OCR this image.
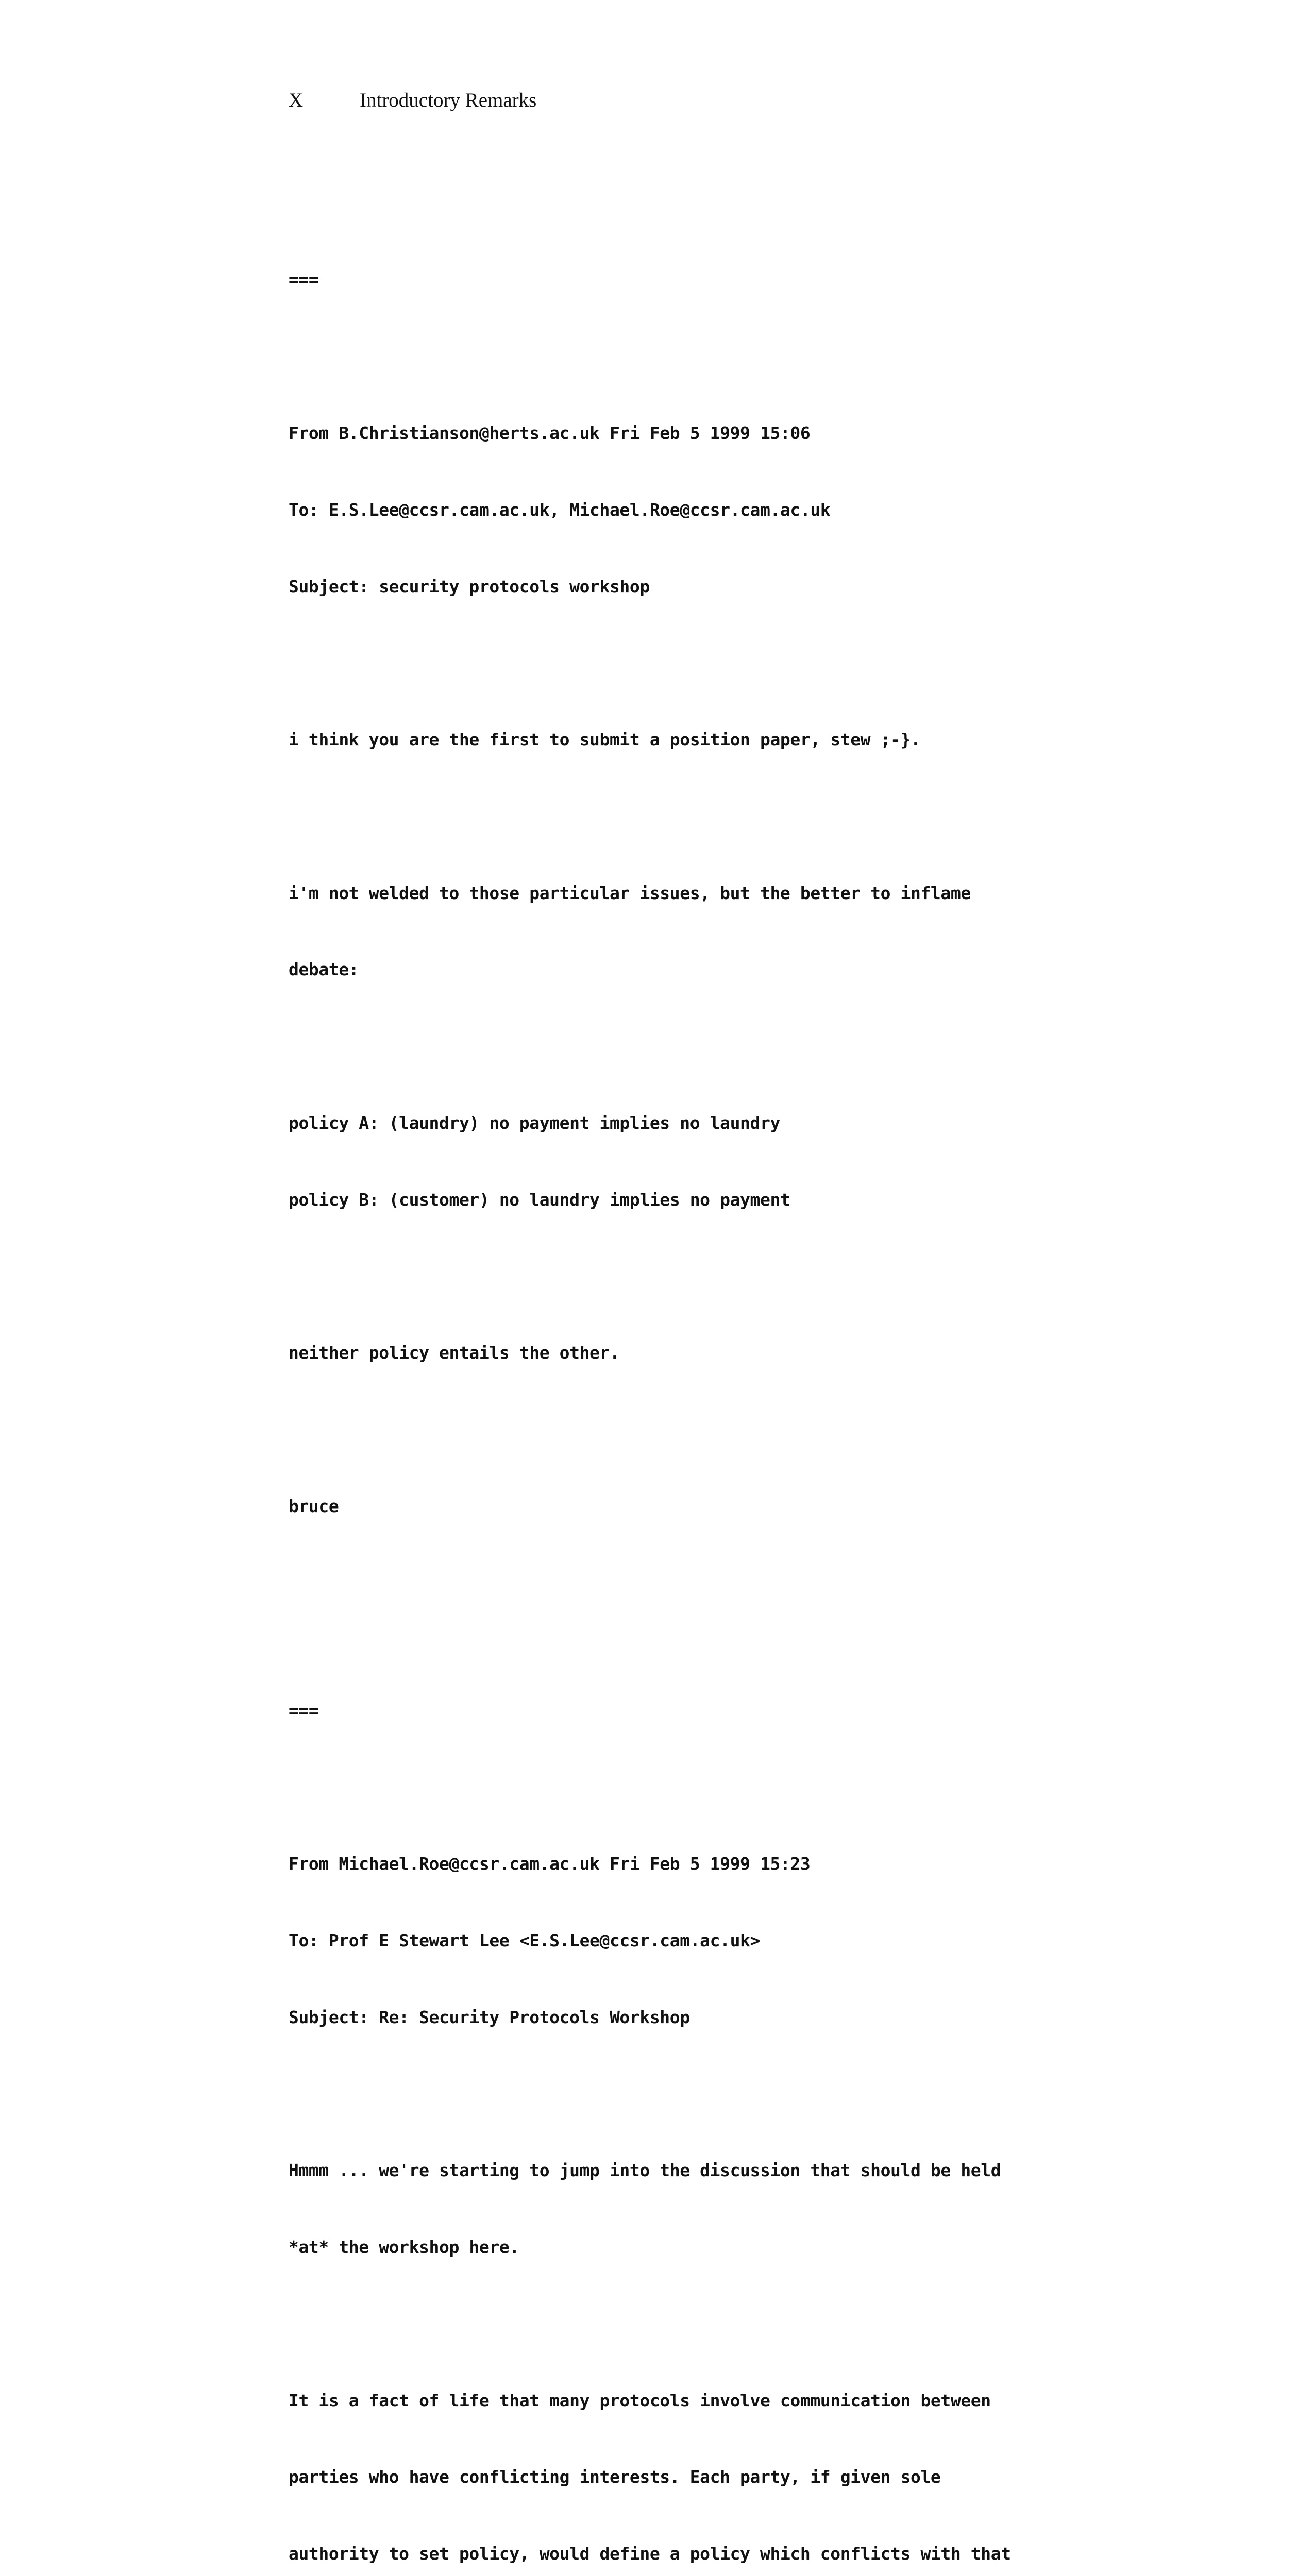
X	Introductory Remarks

===

From B.Christianson@herts.ac.uk Fri Feb 5 1999 15:06

To: E.S.Lee@ccsr.cam.ac.uk, Michael.Roe@ccsr.cam.ac.uk

Subject: security protocols workshop

i think you are the first to submit a position paper, stew ;-}.

i'm not welded to those particular issues, but the better to inflame

debate:

policy A: (laundry) no payment implies no laundry

policy B: (customer) no laundry implies no payment

neither policy entails the other.

bruce

===

From Michael.Roe@ccsr.cam.ac.uk Fri Feb 5 1999 15:23

To: Prof E Stewart Lee <E.S.Lee@ccsr.cam.ac.uk>

Subject: Re: Security Protocols Workshop

Hmmm ... we're starting to jump into the discussion that should be held

*at* the workshop here.

It is a fact of life that many protocols involve communication between

parties who have conflicting interests. Each party, if given sole

authority to set policy, would define a policy which conflicts with that
